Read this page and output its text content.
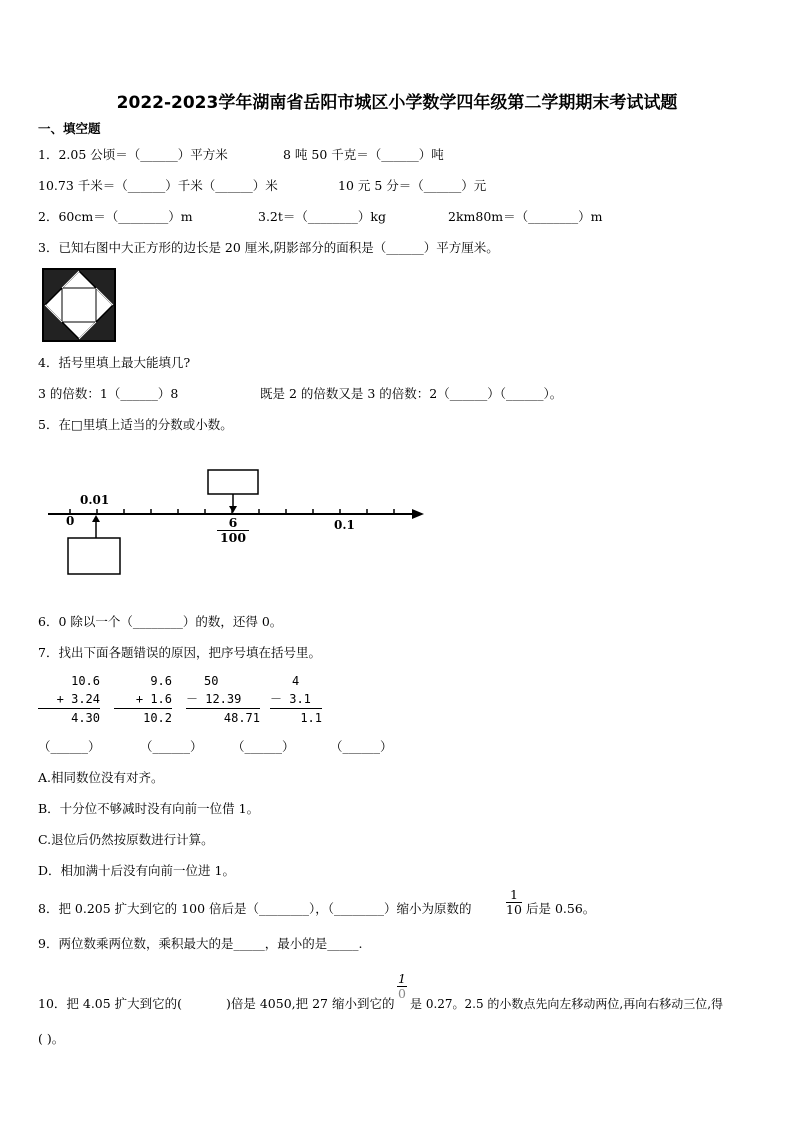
2022-2023学年湖南省岳阳市城区小学数学四年级第二学期期末考试试题
一、填空题
1．2.05 公顷＝（______）平方米	8 吨 50 千克＝（______）吨
10.73 千米＝（______）千米（______）米	10 元 5 分＝（______）元
2．60cm＝（________）m	3.2t＝（________）kg	2km80m＝（________）m
3．已知右图中大正方形的边长是 20 厘米,阴影部分的面积是（______）平方厘米。
4．括号里填上最大能填几?
3 的倍数：1（______）8	既是 2 的倍数又是 3 的倍数：2（______）（______）。
5．在□里填上适当的分数或小数。
0
0.01
0.1
$\frac{6}{100}$
6．0 除以一个（________）的数，还得 0。
7．找出下面各题错误的原因，把序号填在括号里。
10.6
+ 3.24
4.30
9.6
+ 1.6
10.2
50
－ 12.39
48.71
4
－ 3.1
1.1
（______）	（______） （______）	（______）
A.相同数位没有对齐。
B．十分位不够减时没有向前一位借 1。
C.退位后仍然按原数进行计算。
D．相加满十后没有向前一位进 1。
8．把 0.205 扩大到它的 100 倍后是（________），（________）缩小为原数的	$\frac{1}{10}$ 后是 0.56。
9．两位数乘两位数，乘积最大的是_____，最小的是_____.
10．把 4.05 扩大到它的(	)倍是 4050,把 27 缩小到它的
$\frac{1}{0}$
是 0.27。2.5 的小数点先向左移动两位,再向右移动三位,得
( )。
